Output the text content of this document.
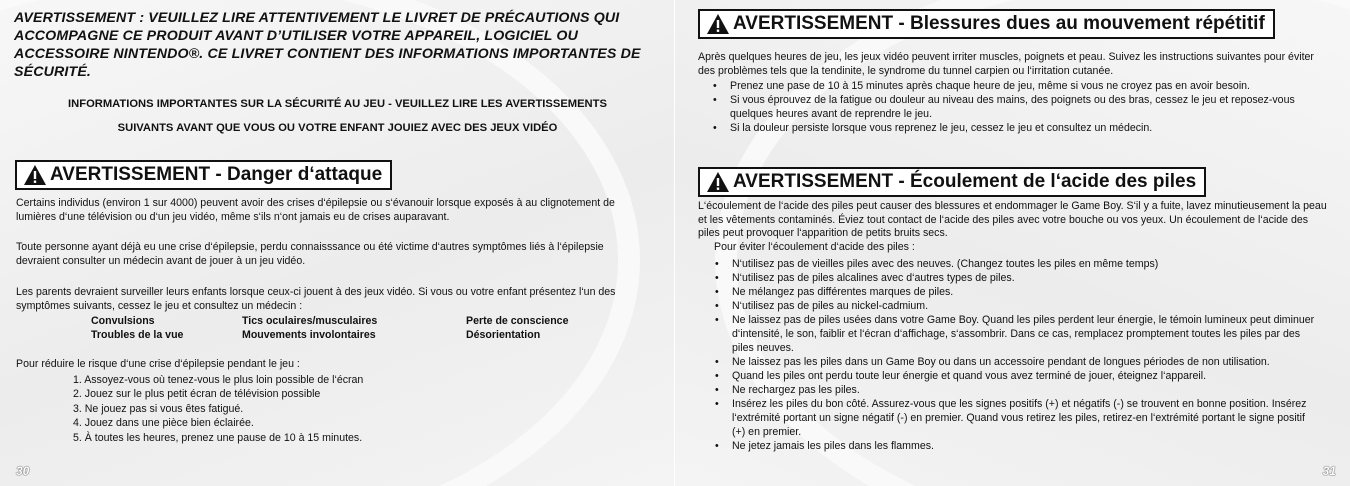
AVERTISSEMENT : VEUILLEZ LIRE ATTENTIVEMENT LE LIVRET DE PRÉCAUTIONS QUI ACCOMPAGNE CE PRODUIT AVANT D’UTILISER VOTRE APPAREIL, LOGICIEL OU ACCESSOIRE NINTENDO®. CE LIVRET CONTIENT DES INFORMATIONS IMPORTANTES DE SÉCURITÉ.
INFORMATIONS IMPORTANTES SUR LA SÉCURITÉ AU JEU - VEUILLEZ LIRE LES AVERTISSEMENTS
SUIVANTS AVANT QUE VOUS OU VOTRE ENFANT JOUIEZ AVEC DES JEUX VIDÉO
AVERTISSEMENT - Danger d‘attaque
Certains individus (environ 1 sur 4000) peuvent avoir des crises d‘épilepsie ou s‘évanouir lorsque exposés à au clignotement de lumières d‘une télévision ou d‘un jeu vidéo, même s‘ils n‘ont jamais eu de crises auparavant.
Toute personne ayant déjà eu une crise d‘épilepsie, perdu connaisssance ou été victime d‘autres symptômes liés à l‘épilepsie devraient consulter un médecin avant de jouer à un jeu vidéo.
Les parents devraient surveiller leurs enfants lorsque ceux-ci jouent à des jeux vidéo. Si vous ou votre enfant présentez l‘un des symptômes suivants, cessez le jeu et consultez un médecin :
Convulsions
Troubles de la vue
Tics oculaires/musculaires
Mouvements involontaires
Perte de conscience
Désorientation
Pour réduire le risque d‘une crise d‘épilepsie pendant le jeu :
1. Assoyez-vous où tenez-vous le plus loin possible de l‘écran
2. Jouez sur le plus petit écran de télévision possible
3. Ne jouez pas si vous êtes fatigué.
4. Jouez dans une pièce bien éclairée.
5. À toutes les heures, prenez une pause de 10 à 15 minutes.
30
AVERTISSEMENT - Blessures dues au mouvement répétitif
Après quelques heures de jeu, les jeux vidéo peuvent irriter muscles, poignets et peau. Suivez les instructions suivantes pour éviter des problèmes tels que la tendinite, le syndrome du tunnel carpien ou l‘irritation cutanée.
• Prenez une pase de 10 à 15 minutes après chaque heure de jeu, même si vous ne croyez pas en avoir besoin.
• Si vous éprouvez de la fatigue ou douleur au niveau des mains, des poignets ou des bras, cessez le jeu et reposez-vous quelques heures avant de reprendre le jeu.
• Si la douleur persiste lorsque vous reprenez le jeu, cessez le jeu et consultez un médecin.
AVERTISSEMENT - Écoulement de l‘acide des piles
L‘écoulement de l‘acide des piles peut causer des blessures et endommager le Game Boy. S‘il y a fuite, lavez minutieusement la peau et les vêtements contaminés. Éviez tout contact de l‘acide des piles avec votre bouche ou vos yeux. Un écoulement de l‘acide des piles peut provoquer l‘apparition de petits bruits secs.
Pour éviter l‘écoulement d‘acide des piles :
• N‘utilisez pas de vieilles piles avec des neuves. (Changez toutes les piles en même temps)
• N‘utilisez pas de piles alcalines avec d‘autres types de piles.
• Ne mélangez pas différentes marques de piles.
• N‘utilisez pas de piles au nickel-cadmium.
• Ne laissez pas de piles usées dans votre Game Boy. Quand les piles perdent leur énergie, le témoin lumineux peut diminuer d‘intensité, le son, faiblir et l‘écran d‘affichage, s‘assombrir. Dans ce cas, remplacez promptement toutes les piles par des piles neuves.
• Ne laissez pas les piles dans un Game Boy ou dans un accessoire pendant de longues périodes de non utilisation.
• Quand les piles ont perdu toute leur énergie et quand vous avez terminé de jouer, éteignez l‘appareil.
• Ne rechargez pas les piles.
• Insérez les piles du bon côté. Assurez-vous que les signes positifs (+) et négatifs (-) se trouvent en bonne position. Insérez l‘extrémité portant un signe négatif (-) en premier. Quand vous retirez les piles, retirez-en l‘extrémité portant le signe positif (+) en premier.
• Ne jetez jamais les piles dans les flammes.
31
